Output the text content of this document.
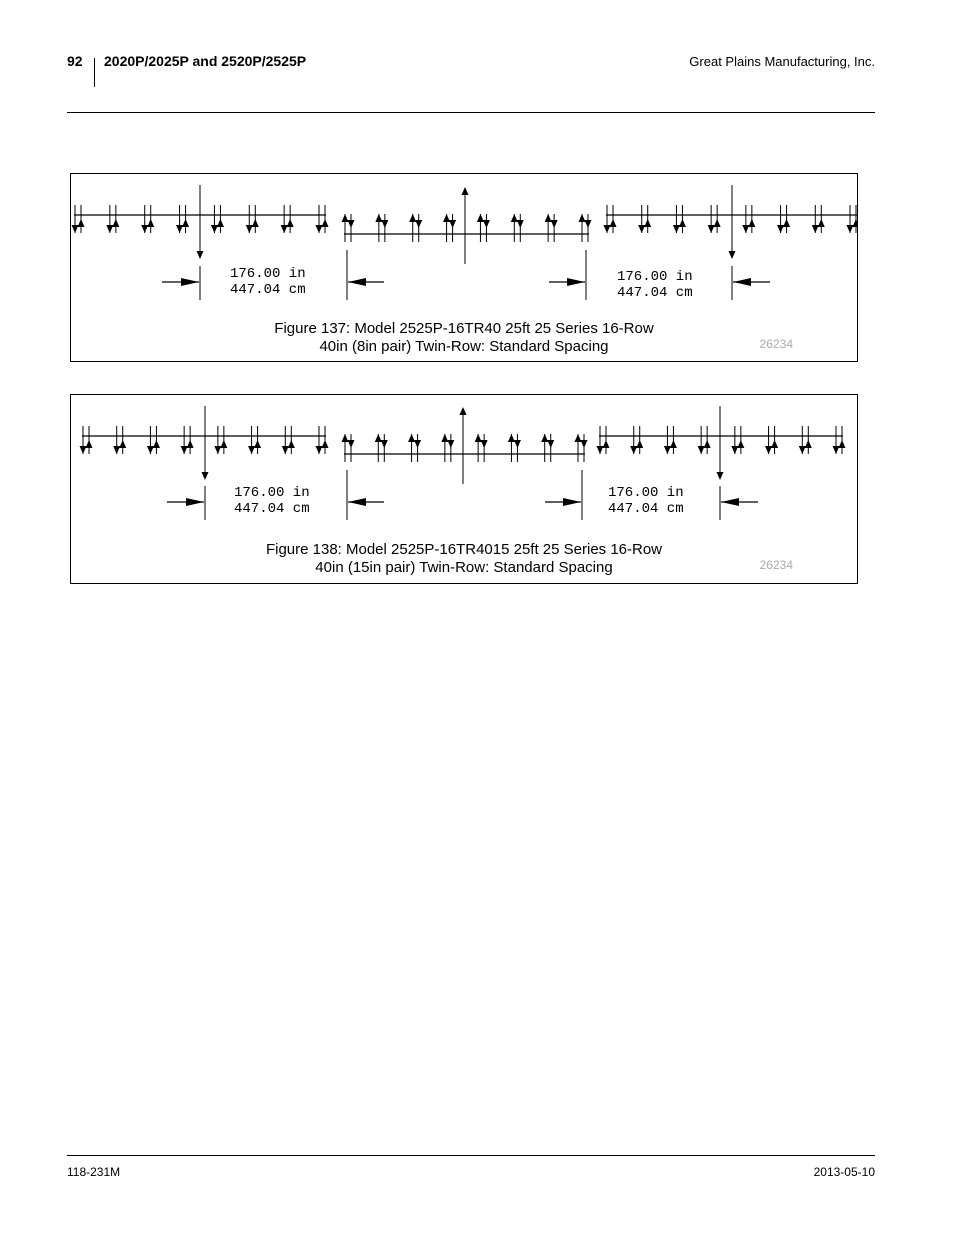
92 2020P/2025P and 2520P/2525P	Great Plains Manufacturing, Inc.
176.00 in
447.04 cm
176.00 in
447.04 cm
Figure 137: Model 2525P-16TR40 25ft 25 Series 16-Row
40in (8in pair) Twin-Row: Standard Spacing	26234
176.00 in
447.04 cm
176.00 in
447.04 cm
Figure 138: Model 2525P-16TR4015 25ft 25 Series 16-Row
40in (15in pair) Twin-Row: Standard Spacing	26234
118-231M	2013-05-10
